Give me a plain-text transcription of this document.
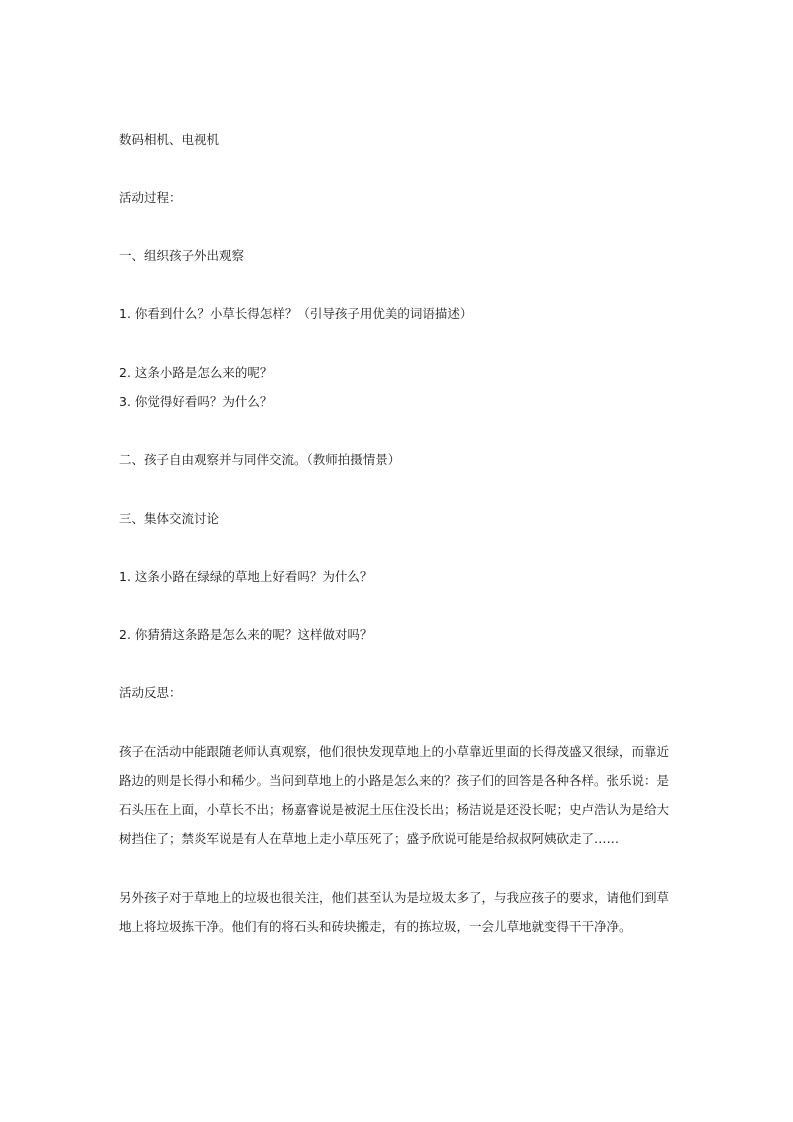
数码相机、电视机
活动过程：
一、组织孩子外出观察
1. 你看到什么？小草长得怎样？（引导孩子用优美的词语描述）
2. 这条小路是怎么来的呢？
3. 你觉得好看吗？为什么？
二、孩子自由观察并与同伴交流。（教师拍摄情景）
三、集体交流讨论
1. 这条小路在绿绿的草地上好看吗？为什么？
2. 你猜猜这条路是怎么来的呢？这样做对吗？
活动反思：
孩子在活动中能跟随老师认真观察，他们很快发现草地上的小草靠近里面的长得茂盛又很绿，而靠近路边的则是长得小和稀少。当问到草地上的小路是怎么来的？孩子们的回答是各种各样。张乐说：是石头压在上面，小草长不出；杨嘉睿说是被泥土压住没长出；杨洁说是还没长呢；史卢浩认为是给大树挡住了；禁炎军说是有人在草地上走小草压死了；盛予欣说可能是给叔叔阿姨砍走了……
另外孩子对于草地上的垃圾也很关注，他们甚至认为是垃圾太多了，与我应孩子的要求，请他们到草地上将垃圾拣干净。他们有的将石头和砖块搬走，有的拣垃圾，一会儿草地就变得干干净净。
